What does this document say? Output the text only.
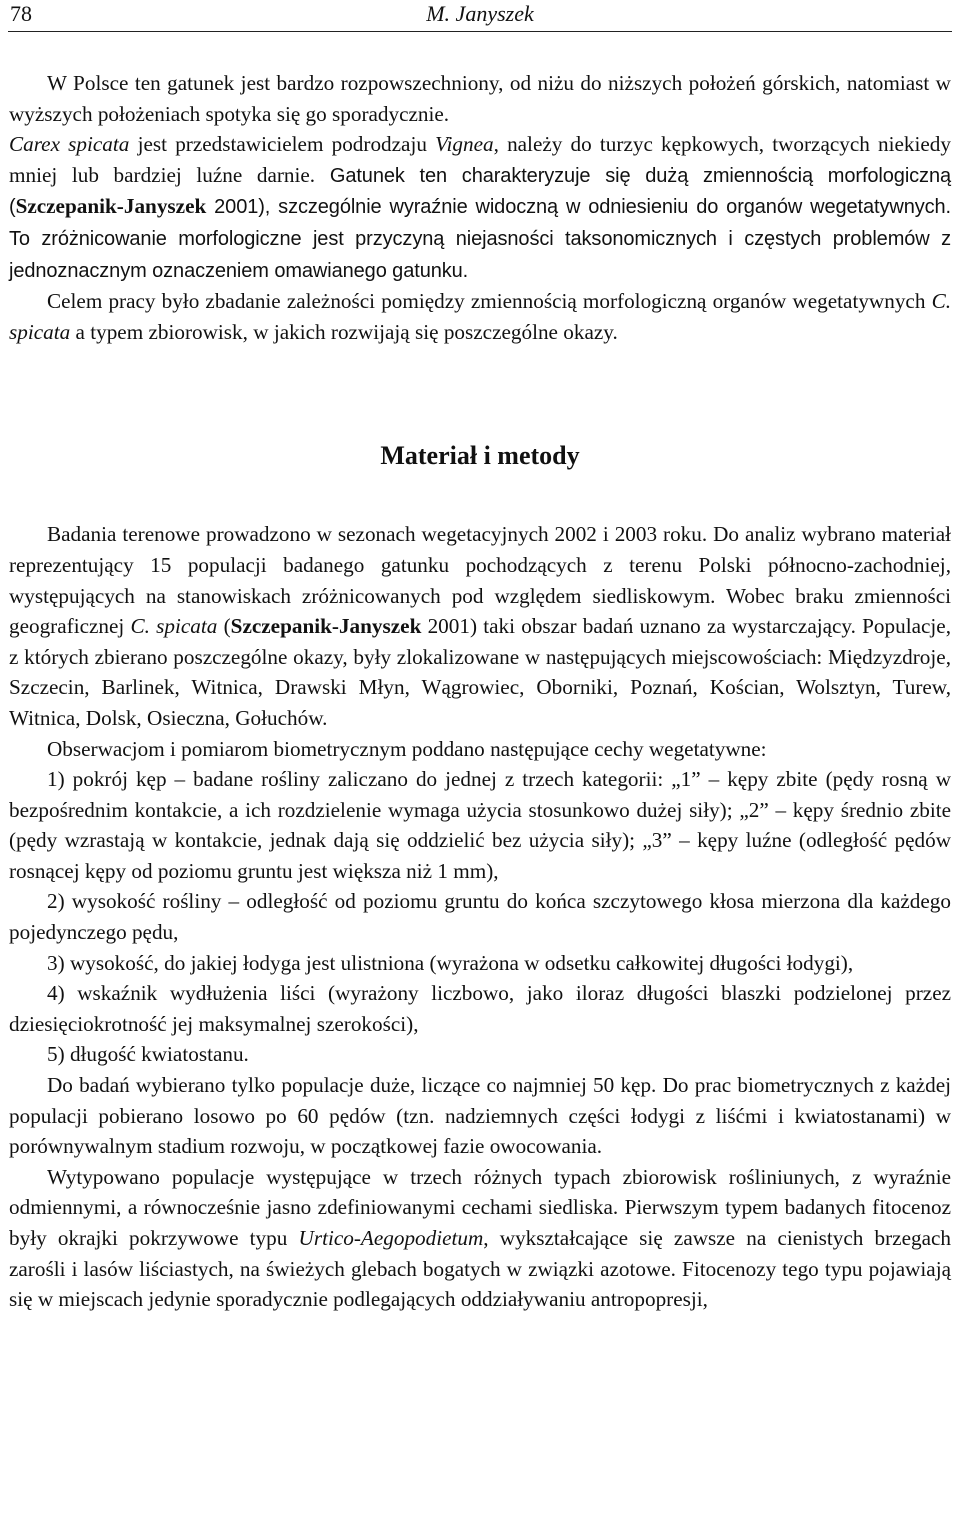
78	M. Janyszek

W Polsce ten gatunek jest bardzo rozpowszechniony, od niżu do niższych położeń górskich, natomiast w wyższych położeniach spotyka się go sporadycznie.

Carex spicata jest przedstawicielem podrodzaju Vignea, należy do turzyc kępkowych, tworzących niekiedy mniej lub bardziej luźne darnie. Gatunek ten charakteryzuje się dużą zmiennością morfologiczną (Szczepanik-Janyszek 2001), szczególnie wyraźnie widoczną w odniesieniu do organów wegetatywnych. To zróżnicowanie morfologiczne jest przyczyną niejasności taksonomicznych i częstych problemów z jednoznacznym oznaczeniem omawianego gatunku.

Celem pracy było zbadanie zależności pomiędzy zmiennością morfologiczną organów wegetatywnych C. spicata a typem zbiorowisk, w jakich rozwijają się poszczególne okazy.

Materiał i metody

Badania terenowe prowadzono w sezonach wegetacyjnych 2002 i 2003 roku. Do analiz wybrano materiał reprezentujący 15 populacji badanego gatunku pochodzących z terenu Polski północno-zachodniej, występujących na stanowiskach zróżnicowanych pod względem siedliskowym. Wobec braku zmienności geograficznej C. spicata (Szczepanik-Janyszek 2001) taki obszar badań uznano za wystarczający. Populacje, z których zbierano poszczególne okazy, były zlokalizowane w następujących miejscowościach: Międzyzdroje, Szczecin, Barlinek, Witnica, Drawski Młyn, Wągrowiec, Oborniki, Poznań, Kościan, Wolsztyn, Turew, Witnica, Dolsk, Osieczna, Gołuchów.

Obserwacjom i pomiarom biometrycznym poddano następujące cechy wegetatywne:

1) pokrój kęp – badane rośliny zaliczano do jednej z trzech kategorii: „1” – kępy zbite (pędy rosną w bezpośrednim kontakcie, a ich rozdzielenie wymaga użycia stosunkowo dużej siły); „2” – kępy średnio zbite (pędy wzrastają w kontakcie, jednak dają się oddzielić bez użycia siły); „3” – kępy luźne (odległość pędów rosnącej kępy od poziomu gruntu jest większa niż 1 mm),

2) wysokość rośliny – odległość od poziomu gruntu do końca szczytowego kłosa mierzona dla każdego pojedynczego pędu,

3) wysokość, do jakiej łodyga jest ulistniona (wyrażona w odsetku całkowitej długości łodygi),

4) wskaźnik wydłużenia liści (wyrażony liczbowo, jako iloraz długości blaszki podzielonej przez dziesięciokrotność jej maksymalnej szerokości),

5) długość kwiatostanu.

Do badań wybierano tylko populacje duże, liczące co najmniej 50 kęp. Do prac biometrycznych z każdej populacji pobierano losowo po 60 pędów (tzn. nadziemnych części łodygi z liśćmi i kwiatostanami) w porównywalnym stadium rozwoju, w początkowej fazie owocowania.

Wytypowano populacje występujące w trzech różnych typach zbiorowisk rośliniunych, z wyraźnie odmiennymi, a równocześnie jasno zdefiniowanymi cechami siedliska. Pierwszym typem badanych fitocenoz były okrajki pokrzywowe typu Urtico-Aegopodietum, wykształcające się zawsze na cienistych brzegach zarośli i lasów liściastych, na świeżych glebach bogatych w związki azotowe. Fitocenozy tego typu pojawiają się w miejscach jedynie sporadycznie podlegających oddziaływaniu antropopresji,
